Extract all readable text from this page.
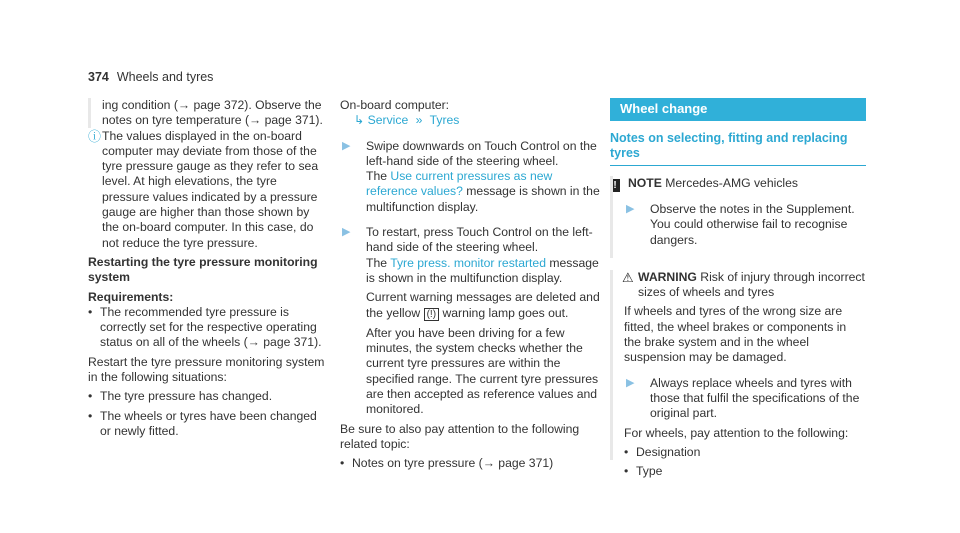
374 Wheels and tyres

ing condition (→ page 372). Observe the notes on tyre temperature (→ page 371).

ⓘ The values displayed in the on-board computer may deviate from those of the tyre pressure gauge as they refer to sea level. At high elevations, the tyre pressure values indicated by a pressure gauge are higher than those shown by the on-board computer. In this case, do not reduce the tyre pressure.

Restarting the tyre pressure monitoring system

Requirements:

• The recommended tyre pressure is correctly set for the respective operating status on all of the wheels (→ page 371).

Restart the tyre pressure monitoring system in the following situations:

• The tyre pressure has changed.
• The wheels or tyres have been changed or newly fitted.

On-board computer:

↳ Service » Tyres

▶ Swipe downwards on Touch Control on the left-hand side of the steering wheel.

The Use current pressures as new reference values? message is shown in the multifunction display.

▶ To restart, press Touch Control on the left-hand side of the steering wheel.

The Tyre press. monitor restarted message is shown in the multifunction display.

Current warning messages are deleted and the yellow (!) warning lamp goes out.

After you have been driving for a few minutes, the system checks whether the current tyre pressures are within the specified range. The current tyre pressures are then accepted as reference values and monitored.

Be sure to also pay attention to the following related topic:

• Notes on tyre pressure (→ page 371)
Wheel change
Notes on selecting, fitting and replacing tyres

! NOTE Mercedes-AMG vehicles

▶ Observe the notes in the Supplement. You could otherwise fail to recognise dangers.

⚠ WARNING Risk of injury through incorrect sizes of wheels and tyres

If wheels and tyres of the wrong size are fitted, the wheel brakes or components in the brake system and in the wheel suspension may be damaged.

▶ Always replace wheels and tyres with those that fulfil the specifications of the original part.

For wheels, pay attention to the following:

• Designation
• Type
